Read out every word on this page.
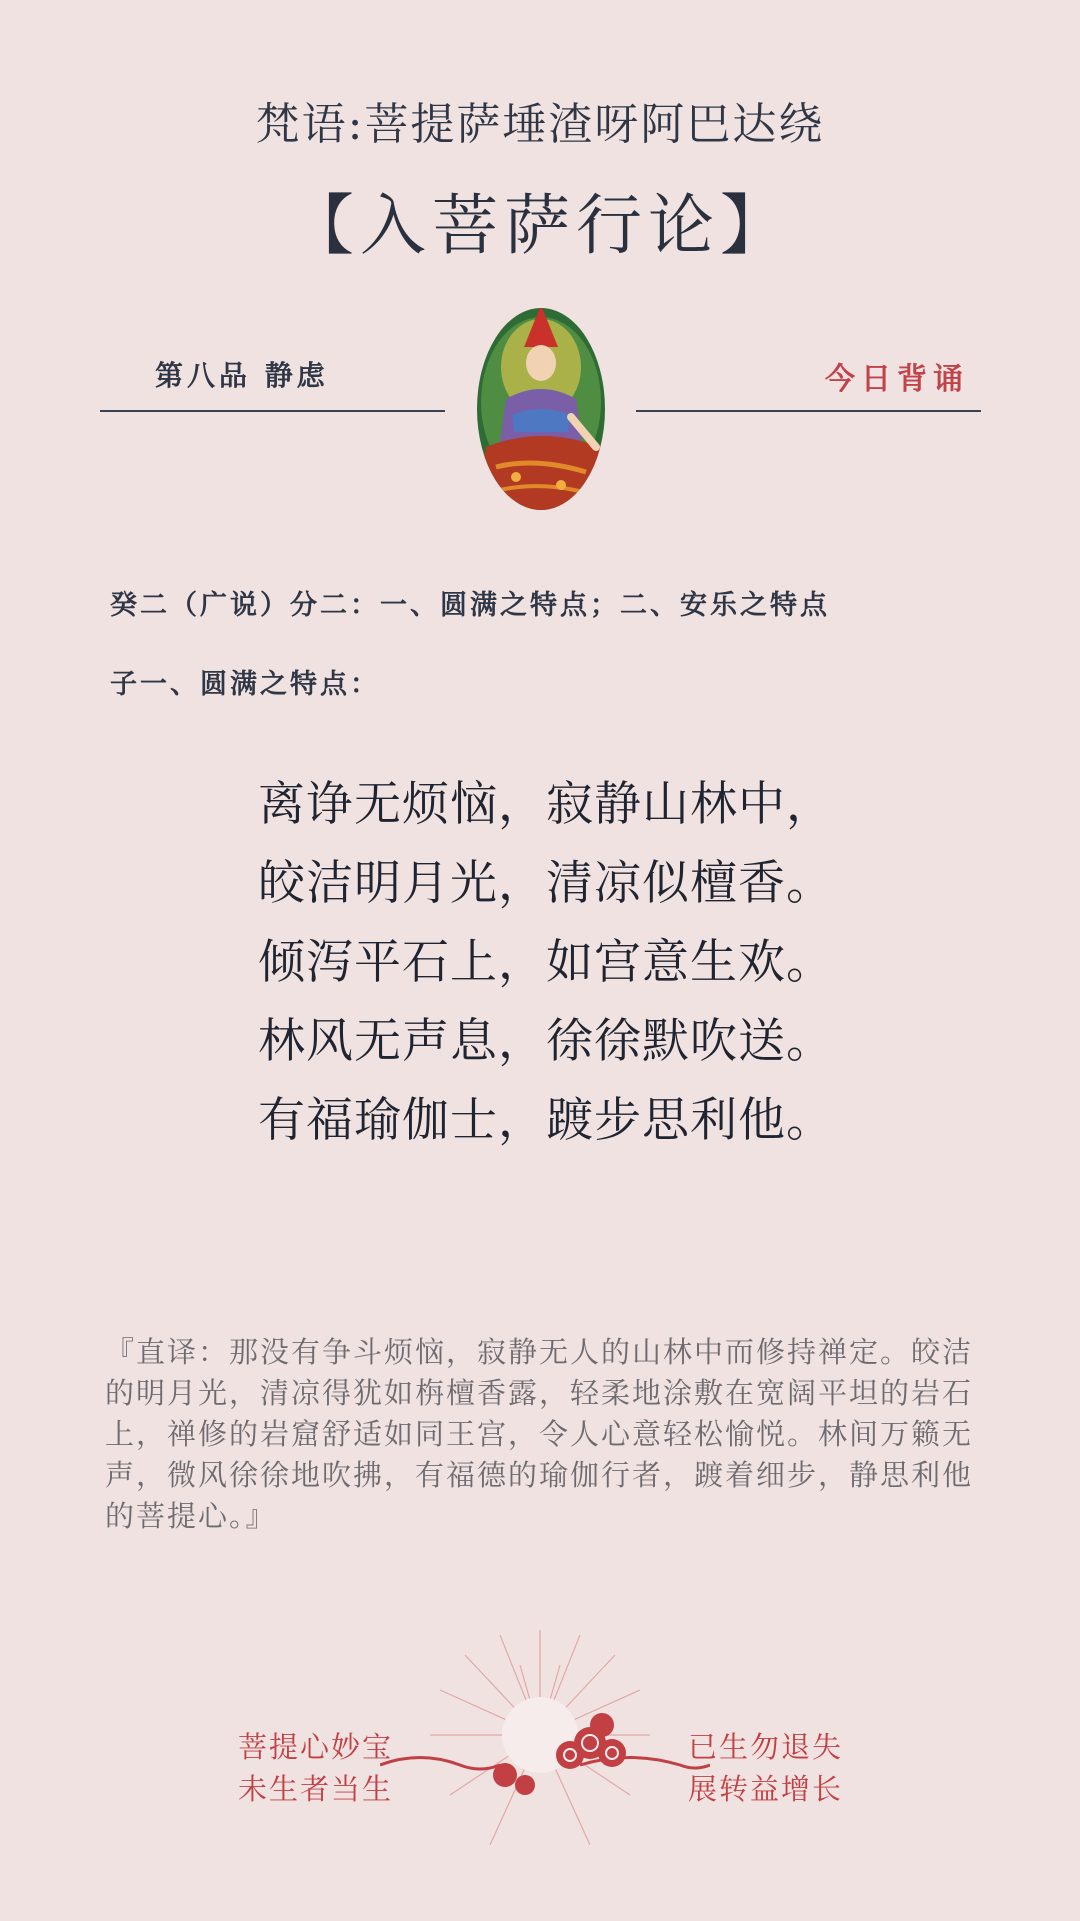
梵语:菩提萨埵渣呀阿巴达绕
【入菩萨行论】
第八品 静虑	今日背诵
癸二（广说）分二：一、圆满之特点；二、安乐之特点
子一、圆满之特点：
离诤无烦恼，寂静山林中，
皎洁明月光，清凉似檀香。
倾泻平石上，如宫意生欢。
林风无声息，徐徐默吹送。
有福瑜伽士，踱步思利他。
『直译：那没有争斗烦恼，寂静无人的山林中而修持禅定。皎洁的明月光，清凉得犹如栴檀香露，轻柔地涂敷在宽阔平坦的岩石上，禅修的岩窟舒适如同王宫，令人心意轻松愉悦。林间万籁无声，微风徐徐地吹拂，有福德的瑜伽行者，踱着细步，静思利他的菩提心。』
菩提心妙宝
未生者当生
已生勿退失
展转益增长
